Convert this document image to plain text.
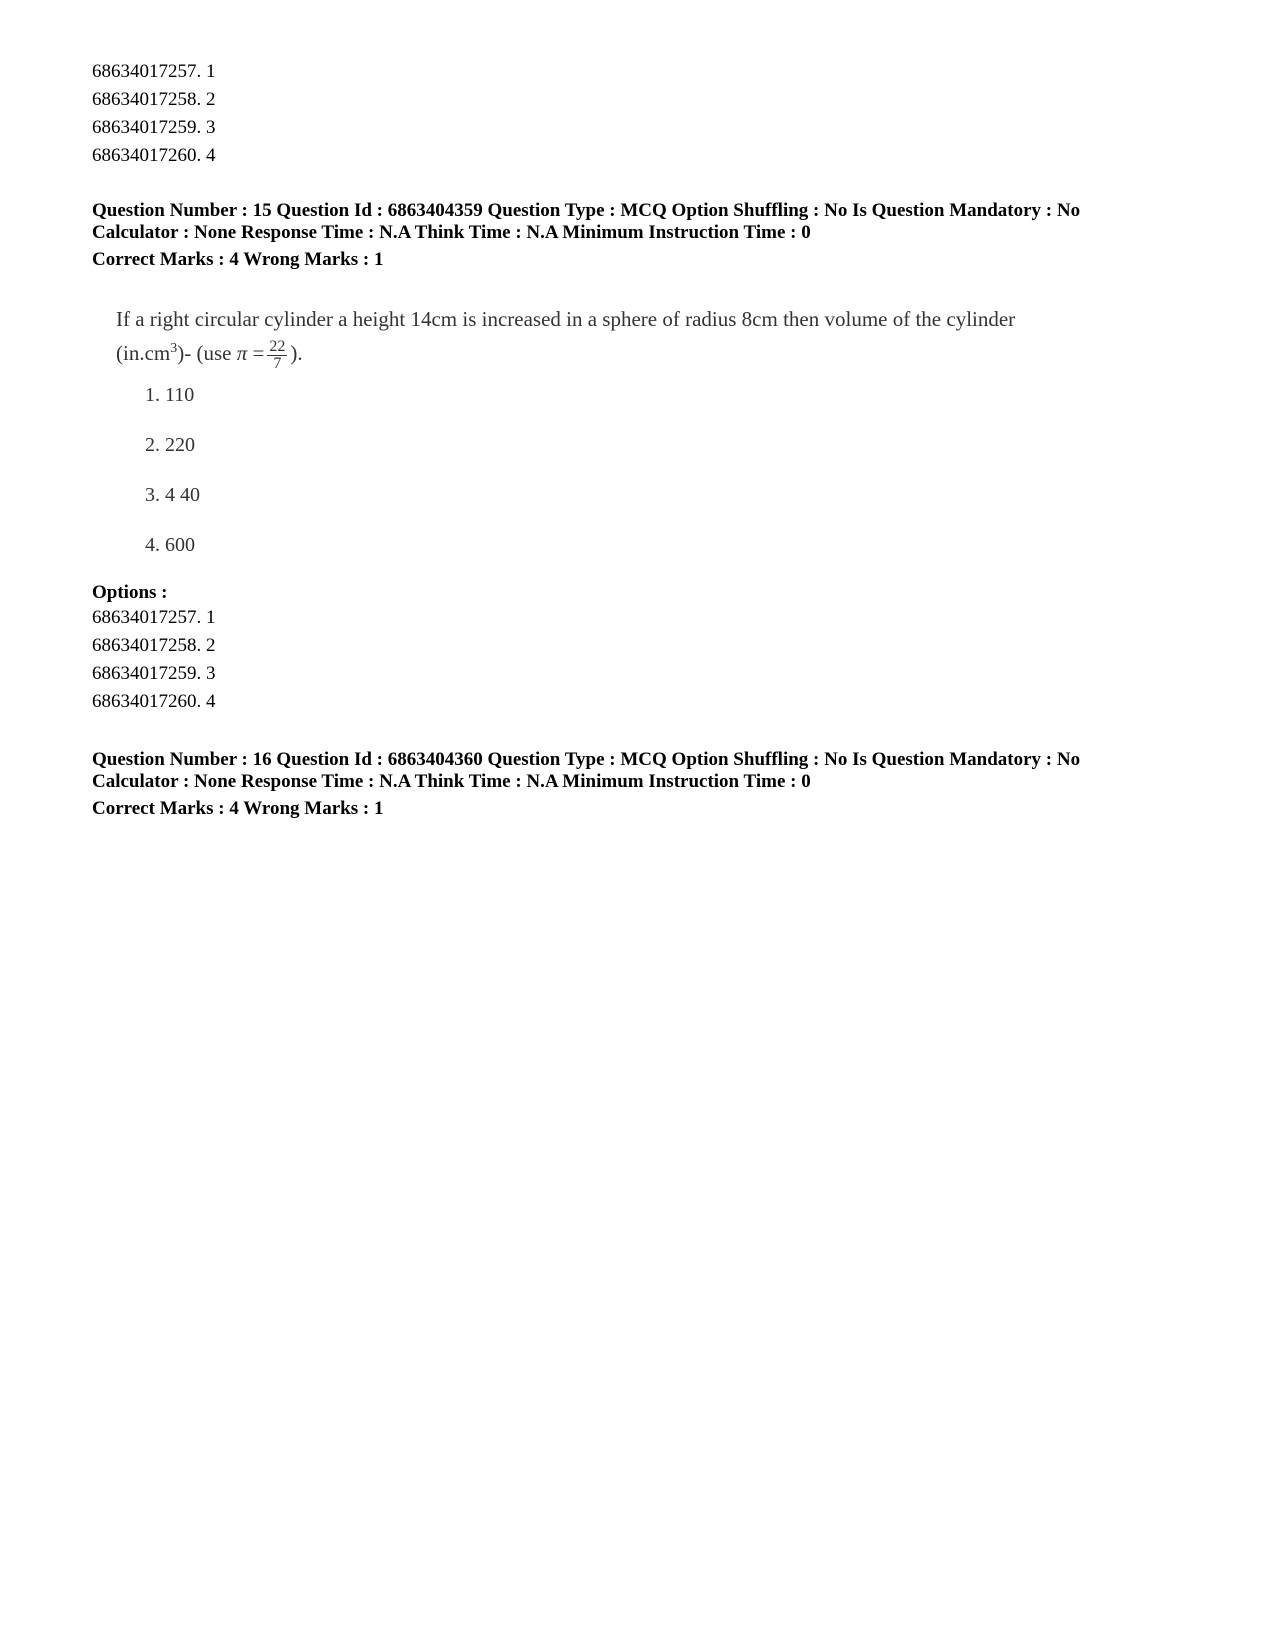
68634017257. 1
68634017258. 2
68634017259. 3
68634017260. 4
Question Number : 15 Question Id : 6863404359 Question Type : MCQ Option Shuffling : No Is Question Mandatory : No
Calculator : None Response Time : N.A Think Time : N.A Minimum Instruction Time : 0
Correct Marks : 4 Wrong Marks : 1
If a right circular cylinder a height 14cm is increased in a sphere of radius 8cm then volume of the cylinder
$(in.cm^3)-$ (use $\pi = \frac{22}{7}$ ).
1. 110
2. 220
3. 4 40
4. 600
Options :
68634017257. 1
68634017258. 2
68634017259. 3
68634017260. 4
Question Number : 16 Question Id : 6863404360 Question Type : MCQ Option Shuffling : No Is Question Mandatory : No
Calculator : None Response Time : N.A Think Time : N.A Minimum Instruction Time : 0
Correct Marks : 4 Wrong Marks : 1
